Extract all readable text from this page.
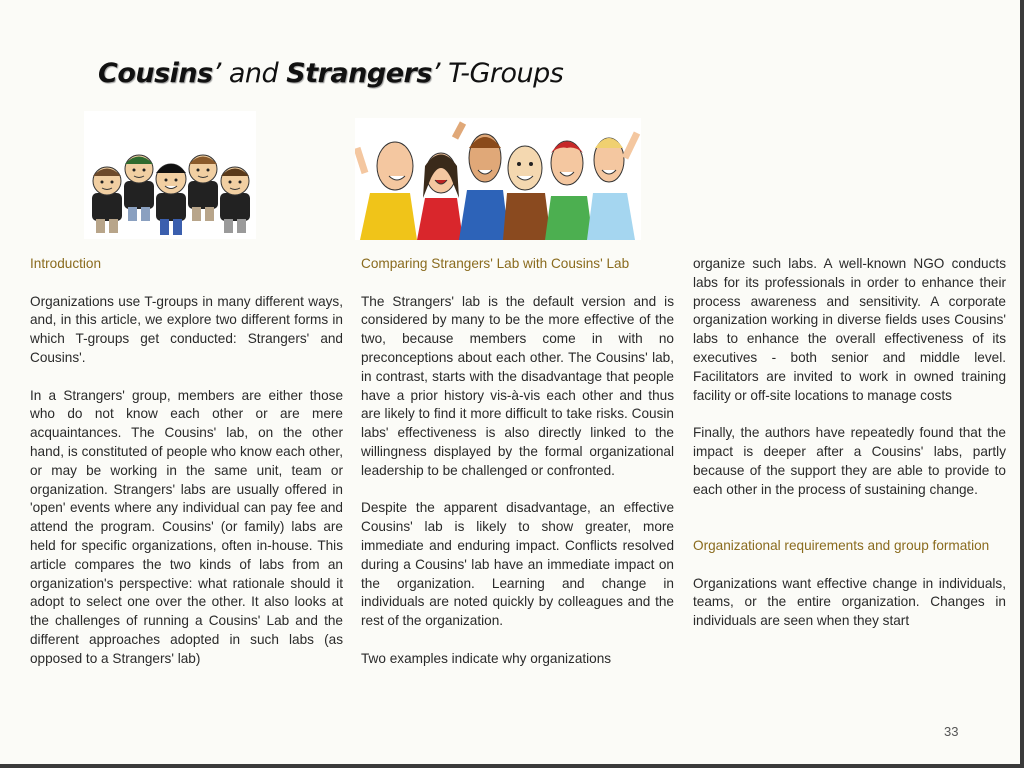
Cousins’ and Strangers’ T-Groups

Introduction

Organizations use T-groups in many different ways, and, in this article, we explore two different forms in which T-groups get conducted: Strangers' and Cousins'.

In a Strangers' group, members are either those who do not know each other or are mere acquaintances. The Cousins' lab, on the other hand, is constituted of people who know each other, or may be working in the same unit, team or organization. Strangers' labs are usually offered in 'open' events where any individual can pay fee and attend the program. Cousins' (or family) labs are held for specific organizations, often in-house. This article compares the two kinds of labs from an organization's perspective: what rationale should it adopt to select one over the other. It also looks at the challenges of running a Cousins' Lab and the different approaches adopted in such labs (as opposed to a Strangers' lab)

Comparing Strangers' Lab with Cousins' Lab

The Strangers' lab is the default version and is considered by many to be the more effective of the two, because members come in with no preconceptions about each other. The Cousins' lab, in contrast, starts with the disadvantage that people have a prior history vis-à-vis each other and thus are likely to find it more difficult to take risks. Cousin labs' effectiveness is also directly linked to the willingness displayed by the formal organizational leadership to be challenged or confronted.

Despite the apparent disadvantage, an effective Cousins' lab is likely to show greater, more immediate and enduring impact. Conflicts resolved during a Cousins' lab have an immediate impact on the organization. Learning and change in individuals are noted quickly by colleagues and the rest of the organization.

Two examples indicate why organizations

organize such labs. A well-known NGO conducts labs for its professionals in order to enhance their process awareness and sensitivity. A corporate organization working in diverse fields uses Cousins' labs to enhance the overall effectiveness of its executives - both senior and middle level. Facilitators are invited to work in owned training facility or off-site locations to manage costs

Finally, the authors have repeatedly found that the impact is deeper after a Cousins' labs, partly because of the support they are able to provide to each other in the process of sustaining change.

Organizational requirements and group formation

Organizations want effective change in individuals, teams, or the entire organization. Changes in individuals are seen when they start

33
